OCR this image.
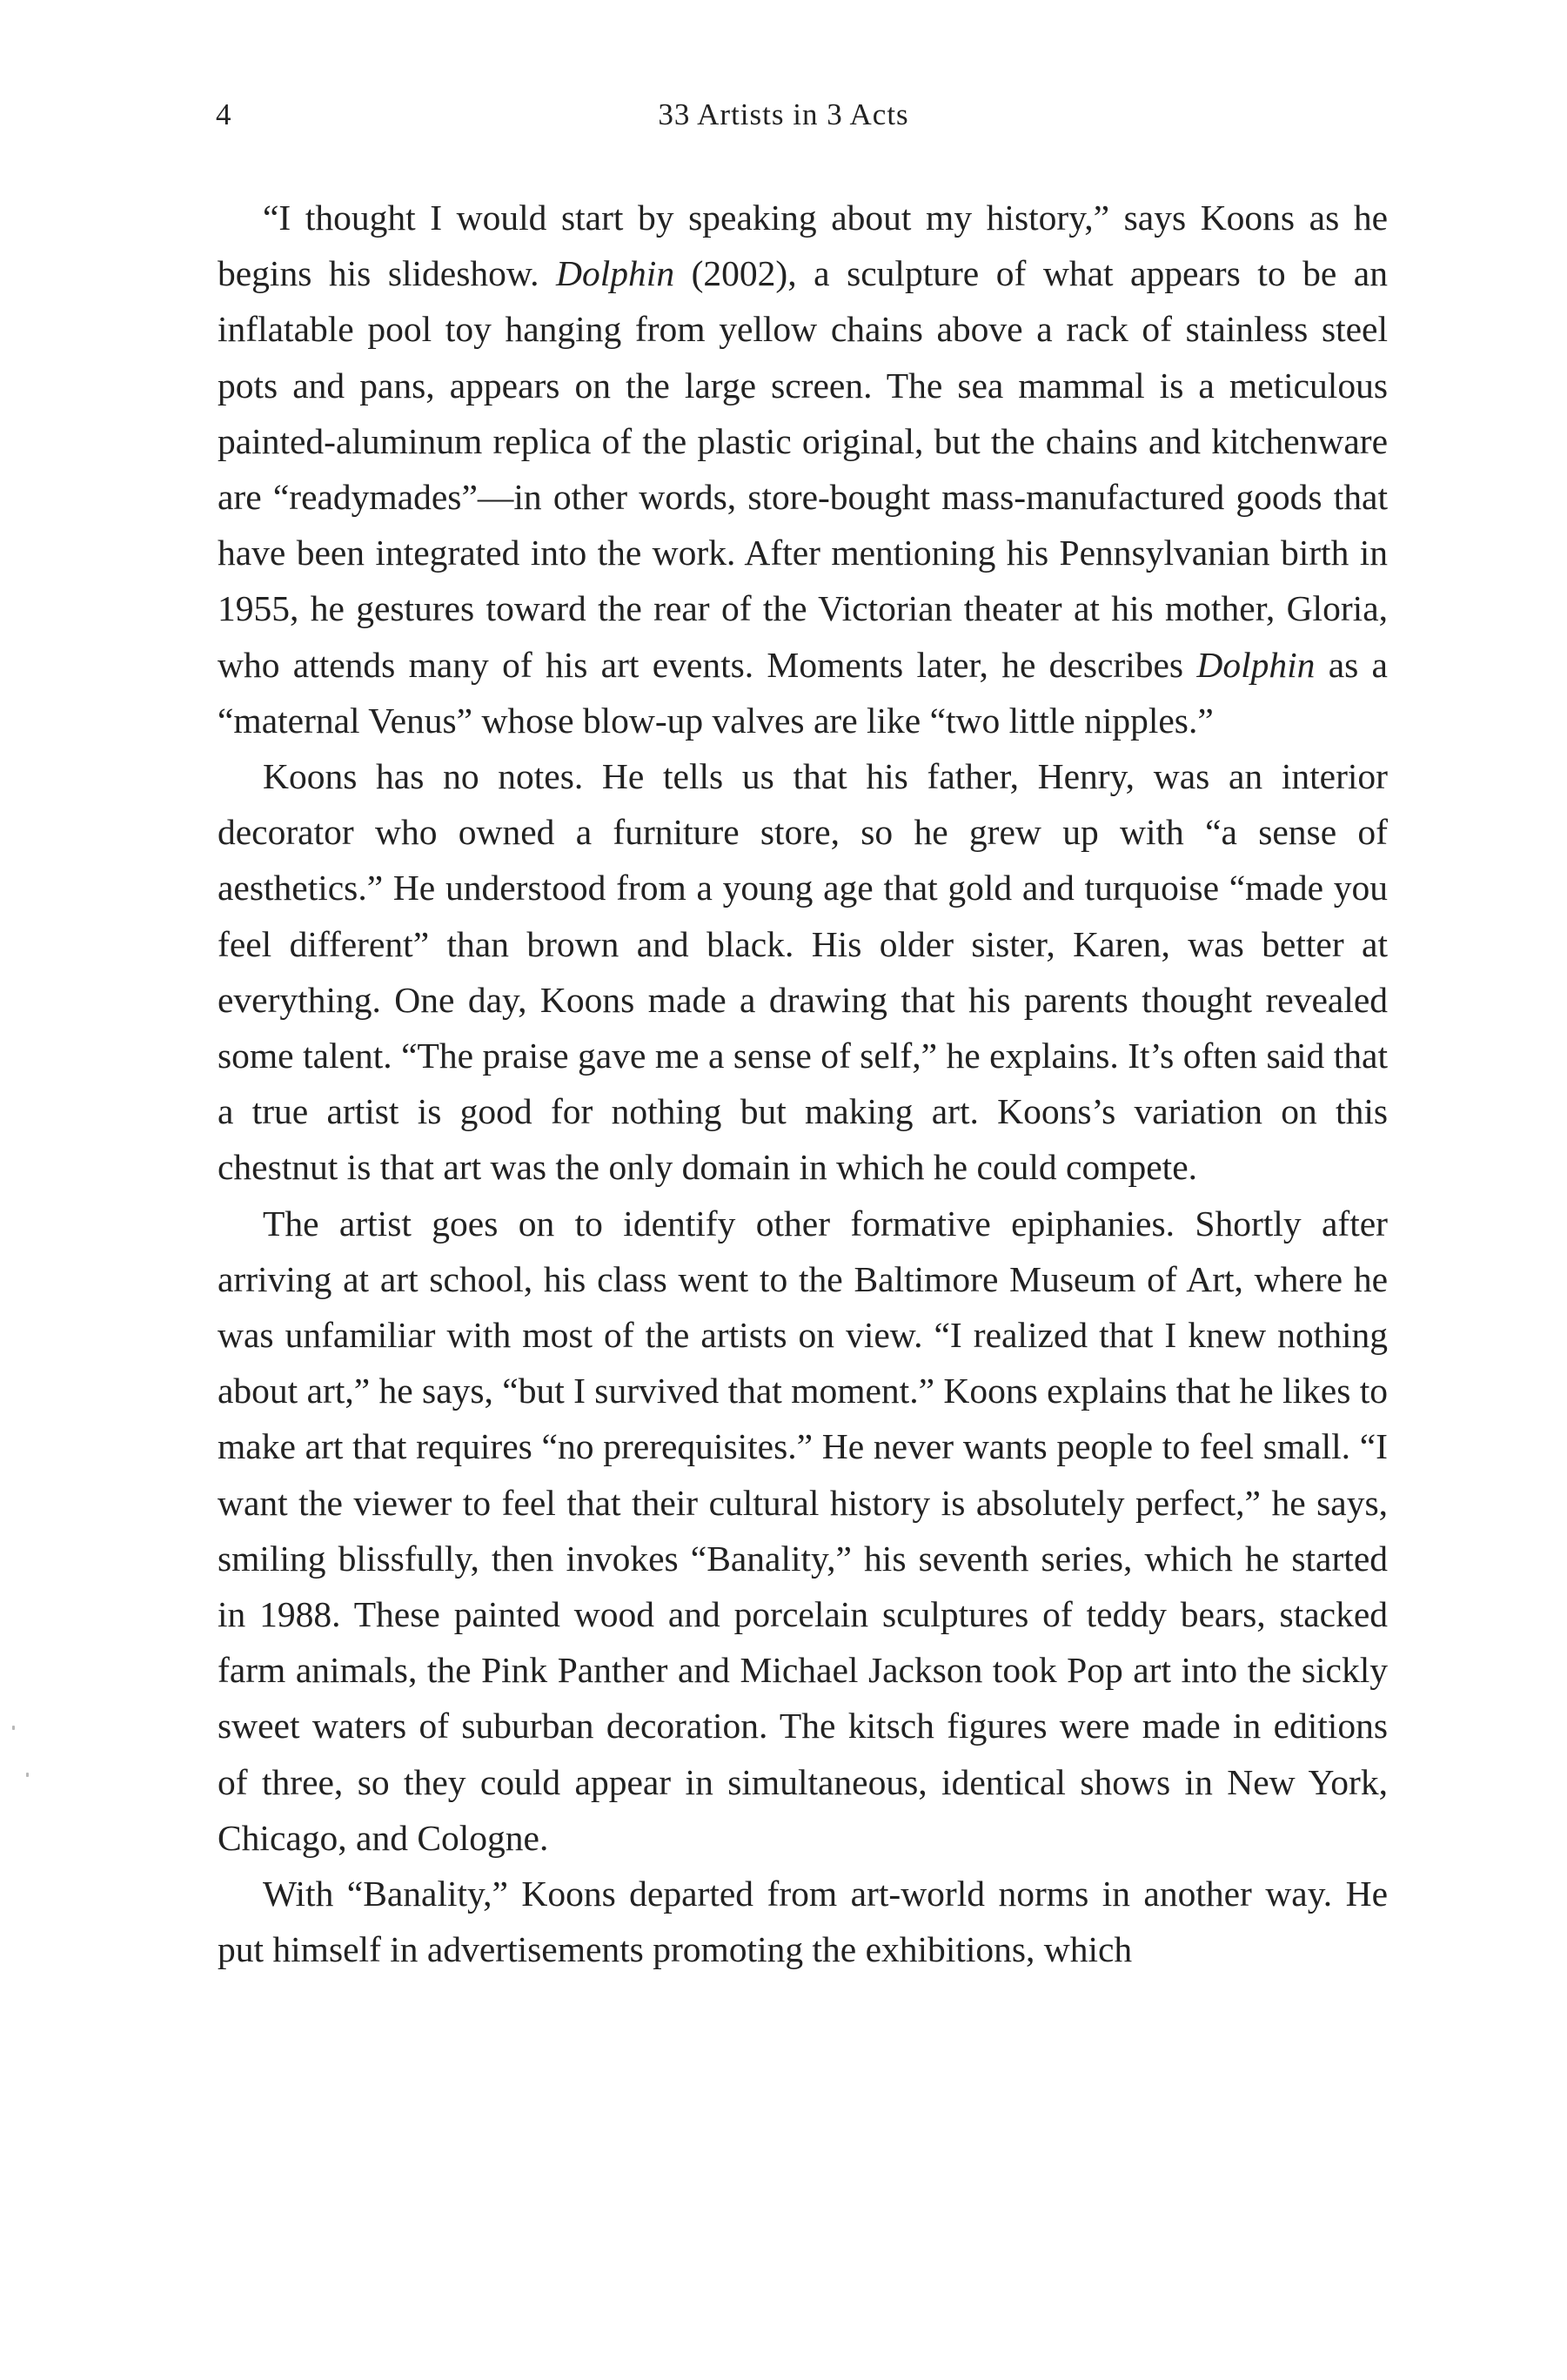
4	33 Artists in 3 Acts

“I thought I would start by speaking about my history,” says Koons as he begins his slideshow. Dolphin (2002), a sculpture of what appears to be an inflatable pool toy hanging from yellow chains above a rack of stainless steel pots and pans, appears on the large screen. The sea mammal is a meticulous painted-aluminum replica of the plastic original, but the chains and kitchenware are “readymades”—in other words, store-bought mass-manufactured goods that have been integrated into the work. After mentioning his Pennsylvanian birth in 1955, he gestures toward the rear of the Victorian theater at his mother, Gloria, who attends many of his art events. Moments later, he describes Dolphin as a “maternal Venus” whose blow-up valves are like “two little nipples.”

Koons has no notes. He tells us that his father, Henry, was an interior decorator who owned a furniture store, so he grew up with “a sense of aesthetics.” He understood from a young age that gold and turquoise “made you feel different” than brown and black. His older sister, Karen, was better at everything. One day, Koons made a drawing that his parents thought revealed some talent. “The praise gave me a sense of self,” he explains. It’s often said that a true artist is good for nothing but making art. Koons’s variation on this chestnut is that art was the only domain in which he could compete.

The artist goes on to identify other formative epiphanies. Shortly after arriving at art school, his class went to the Baltimore Museum of Art, where he was unfamiliar with most of the artists on view. “I realized that I knew nothing about art,” he says, “but I survived that moment.” Koons explains that he likes to make art that requires “no prerequisites.” He never wants people to feel small. “I want the viewer to feel that their cultural history is absolutely perfect,” he says, smiling blissfully, then invokes “Banality,” his seventh series, which he started in 1988. These painted wood and porcelain sculptures of teddy bears, stacked farm animals, the Pink Panther and Michael Jackson took Pop art into the sickly sweet waters of suburban decoration. The kitsch figures were made in editions of three, so they could appear in simultaneous, identical shows in New York, Chicago, and Cologne.

With “Banality,” Koons departed from art-world norms in another way. He put himself in advertisements promoting the exhibitions, which
